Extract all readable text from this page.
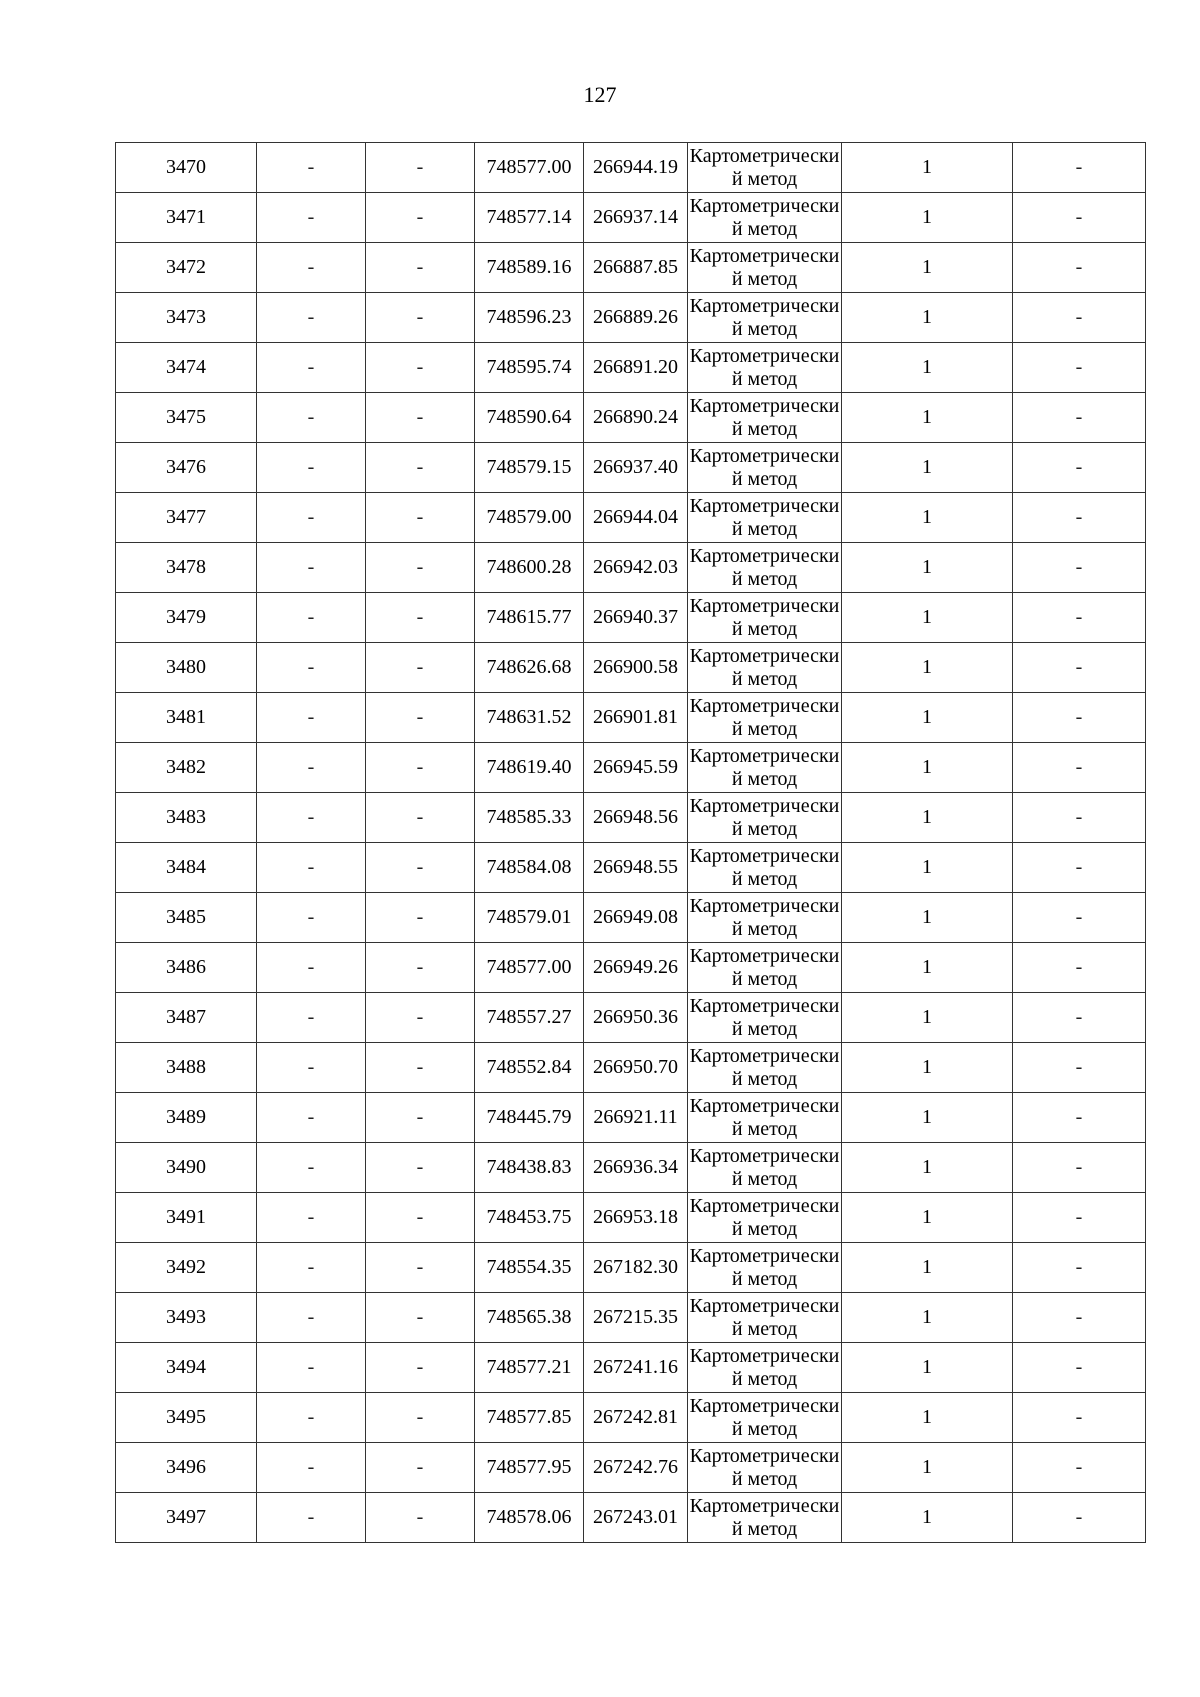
127
3470	-	-	748577.00	266944.19	Картометрический метод	1	-
3471	-	-	748577.14	266937.14	Картометрический метод	1	-
3472	-	-	748589.16	266887.85	Картометрический метод	1	-
3473	-	-	748596.23	266889.26	Картометрический метод	1	-
3474	-	-	748595.74	266891.20	Картометрический метод	1	-
3475	-	-	748590.64	266890.24	Картометрический метод	1	-
3476	-	-	748579.15	266937.40	Картометрический метод	1	-
3477	-	-	748579.00	266944.04	Картометрический метод	1	-
3478	-	-	748600.28	266942.03	Картометрический метод	1	-
3479	-	-	748615.77	266940.37	Картометрический метод	1	-
3480	-	-	748626.68	266900.58	Картометрический метод	1	-
3481	-	-	748631.52	266901.81	Картометрический метод	1	-
3482	-	-	748619.40	266945.59	Картометрический метод	1	-
3483	-	-	748585.33	266948.56	Картометрический метод	1	-
3484	-	-	748584.08	266948.55	Картометрический метод	1	-
3485	-	-	748579.01	266949.08	Картометрический метод	1	-
3486	-	-	748577.00	266949.26	Картометрический метод	1	-
3487	-	-	748557.27	266950.36	Картометрический метод	1	-
3488	-	-	748552.84	266950.70	Картометрический метод	1	-
3489	-	-	748445.79	266921.11	Картометрический метод	1	-
3490	-	-	748438.83	266936.34	Картометрический метод	1	-
3491	-	-	748453.75	266953.18	Картометрический метод	1	-
3492	-	-	748554.35	267182.30	Картометрический метод	1	-
3493	-	-	748565.38	267215.35	Картометрический метод	1	-
3494	-	-	748577.21	267241.16	Картометрический метод	1	-
3495	-	-	748577.85	267242.81	Картометрический метод	1	-
3496	-	-	748577.95	267242.76	Картометрический метод	1	-
3497	-	-	748578.06	267243.01	Картометрический метод	1	-
